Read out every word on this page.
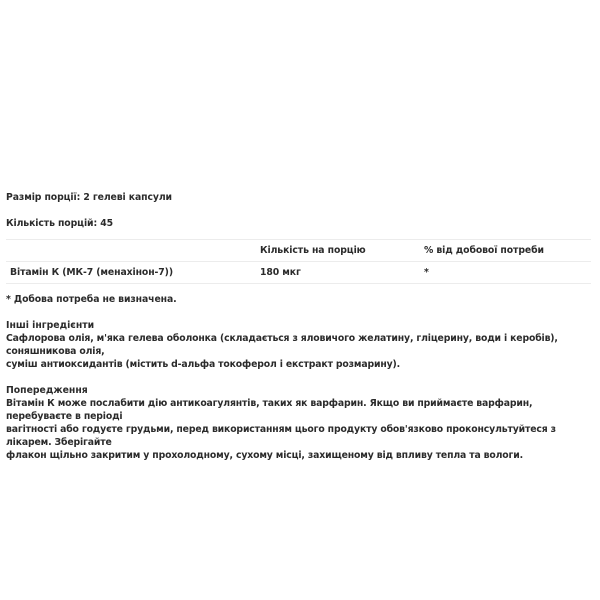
Размір порції: 2 гелеві капсули
Кількість порцій: 45
	Кількість на порцію	% від добової потреби
Вітамін К (МК-7 (менахінон-7))	180 мкг	*
* Добова потреба не визначена.
Інші інгредієнти
Сафлорова олія, м'яка гелева оболонка (складається з яловичого желатину, гліцерину, води і керобів), соняшникова олія,
суміш антиоксидантів (містить d-альфа токоферол і екстракт розмарину).
Попередження
Вітамін К може послабити дію антикоагулянтів, таких як варфарин. Якщо ви приймаєте варфарин, перебуваєте в періоді
вагітності або годуєте грудьми, перед використанням цього продукту обов'язково проконсультуйтеся з лікарем. Зберігайте
флакон щільно закритим у прохолодному, сухому місці, захищеному від впливу тепла та вологи.
